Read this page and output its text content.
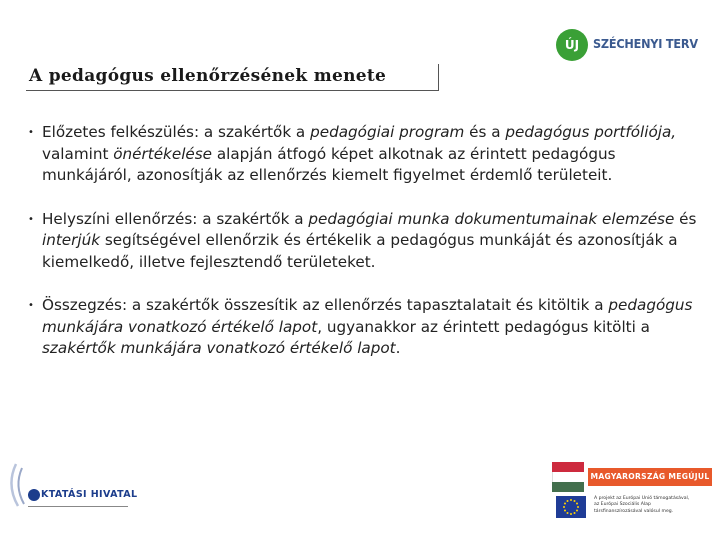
ÚJ	SZÉCHENYI TERV
A pedagógus ellenőrzésének menete
• Előzetes felkészülés: a szakértők a pedagógiai program és a pedagógus portfóliója, valamint önértékelése alapján átfogó képet alkotnak az érintett pedagógus munkájáról, azonosítják az ellenőrzés kiemelt figyelmet érdemlő területeit.
• Helyszíni ellenőrzés: a szakértők a pedagógiai munka dokumentumainak elemzése és interjúk segítségével ellenőrzik és értékelik a pedagógus munkáját és azonosítják a kiemelkedő, illetve fejlesztendő területeket.
• Összegzés: a szakértők összesítik az ellenőrzés tapasztalatait és kitöltik a pedagógus munkájára vonatkozó értékelő lapot, ugyanakkor az érintett pedagógus kitölti a szakértők munkájára vonatkozó értékelő lapot.
KTATÁSI HIVATAL
MAGYARORSZÁG MEGÚJUL
A projekt az Európai Unió támogatásával,
az Európai Szociális Alap
társfinanszírozásával valósul meg.
